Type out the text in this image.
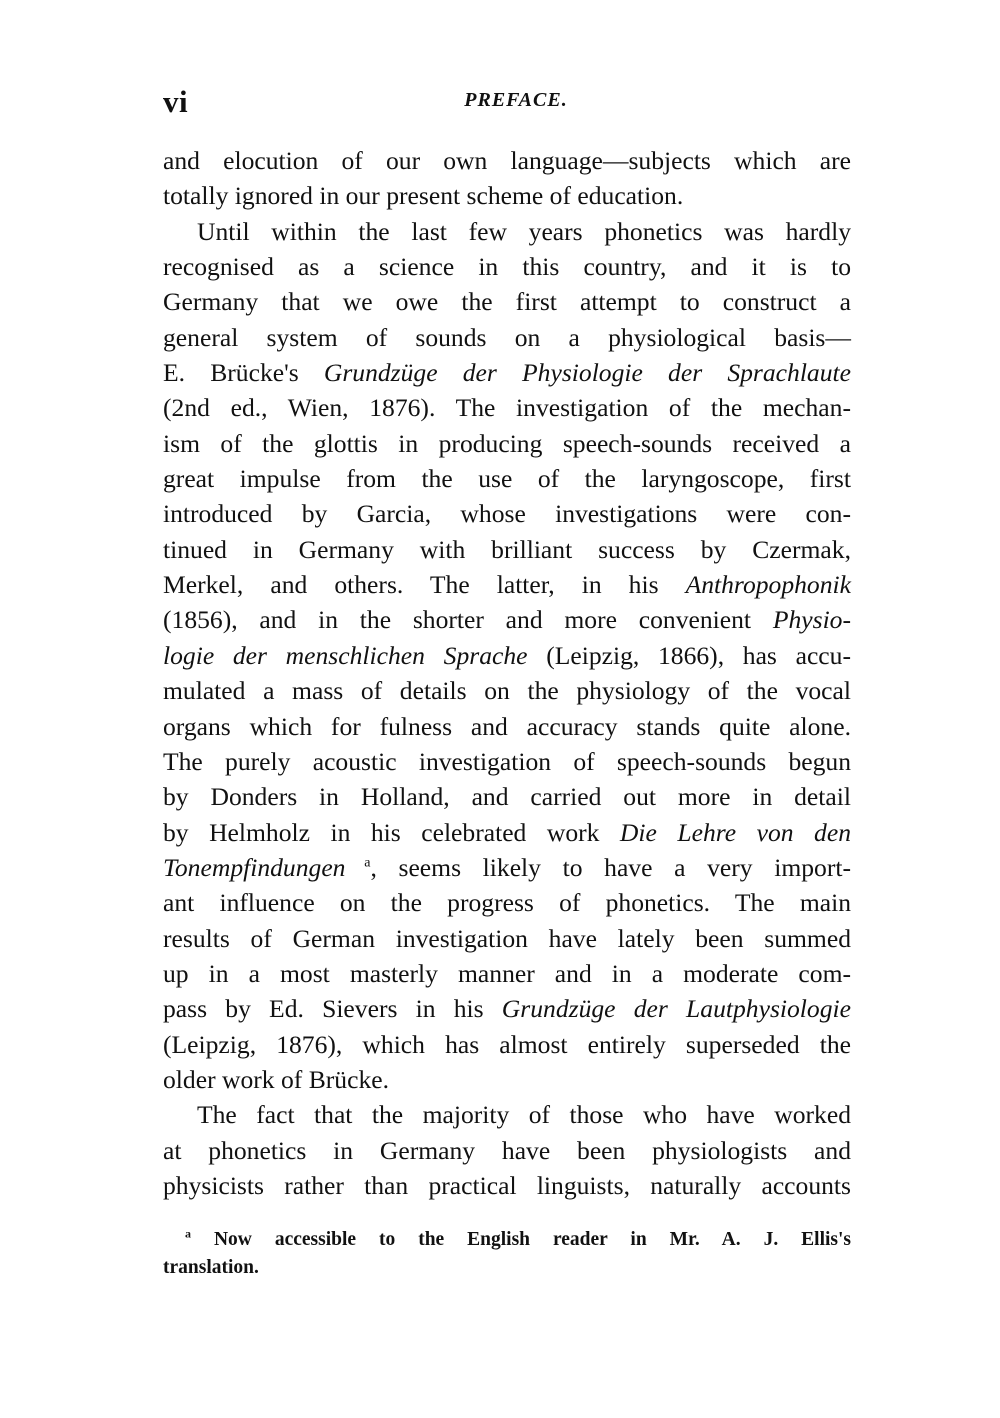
vi	PREFACE.
and elocution of our own language—subjects which are
totally ignored in our present scheme of education.
Until within the last few years phonetics was hardly
recognised as a science in this country, and it is to
Germany that we owe the first attempt to construct a
general system of sounds on a physiological basis—
E. Brücke's Grundzüge der Physiologie der Sprachlaute
(2nd ed., Wien, 1876). The investigation of the mechan-
ism of the glottis in producing speech-sounds received a
great impulse from the use of the laryngoscope, first
introduced by Garcia, whose investigations were con-
tinued in Germany with brilliant success by Czermak,
Merkel, and others. The latter, in his Anthropophonik
(1856), and in the shorter and more convenient Physio-
logie der menschlichen Sprache (Leipzig, 1866), has accu-
mulated a mass of details on the physiology of the vocal
organs which for fulness and accuracy stands quite alone.
The purely acoustic investigation of speech-sounds begun
by Donders in Holland, and carried out more in detail
by Helmholz in his celebrated work Die Lehre von den
Tonempfindungen $^a$, seems likely to have a very import-
ant influence on the progress of phonetics. The main
results of German investigation have lately been summed
up in a most masterly manner and in a moderate com-
pass by Ed. Sievers in his Grundzüge der Lautphysiologie
(Leipzig, 1876), which has almost entirely superseded the
older work of Brücke.
The fact that the majority of those who have worked
at phonetics in Germany have been physiologists and
physicists rather than practical linguists, naturally accounts
$^a$ Now accessible to the English reader in Mr. A. J. Ellis's
translation.
